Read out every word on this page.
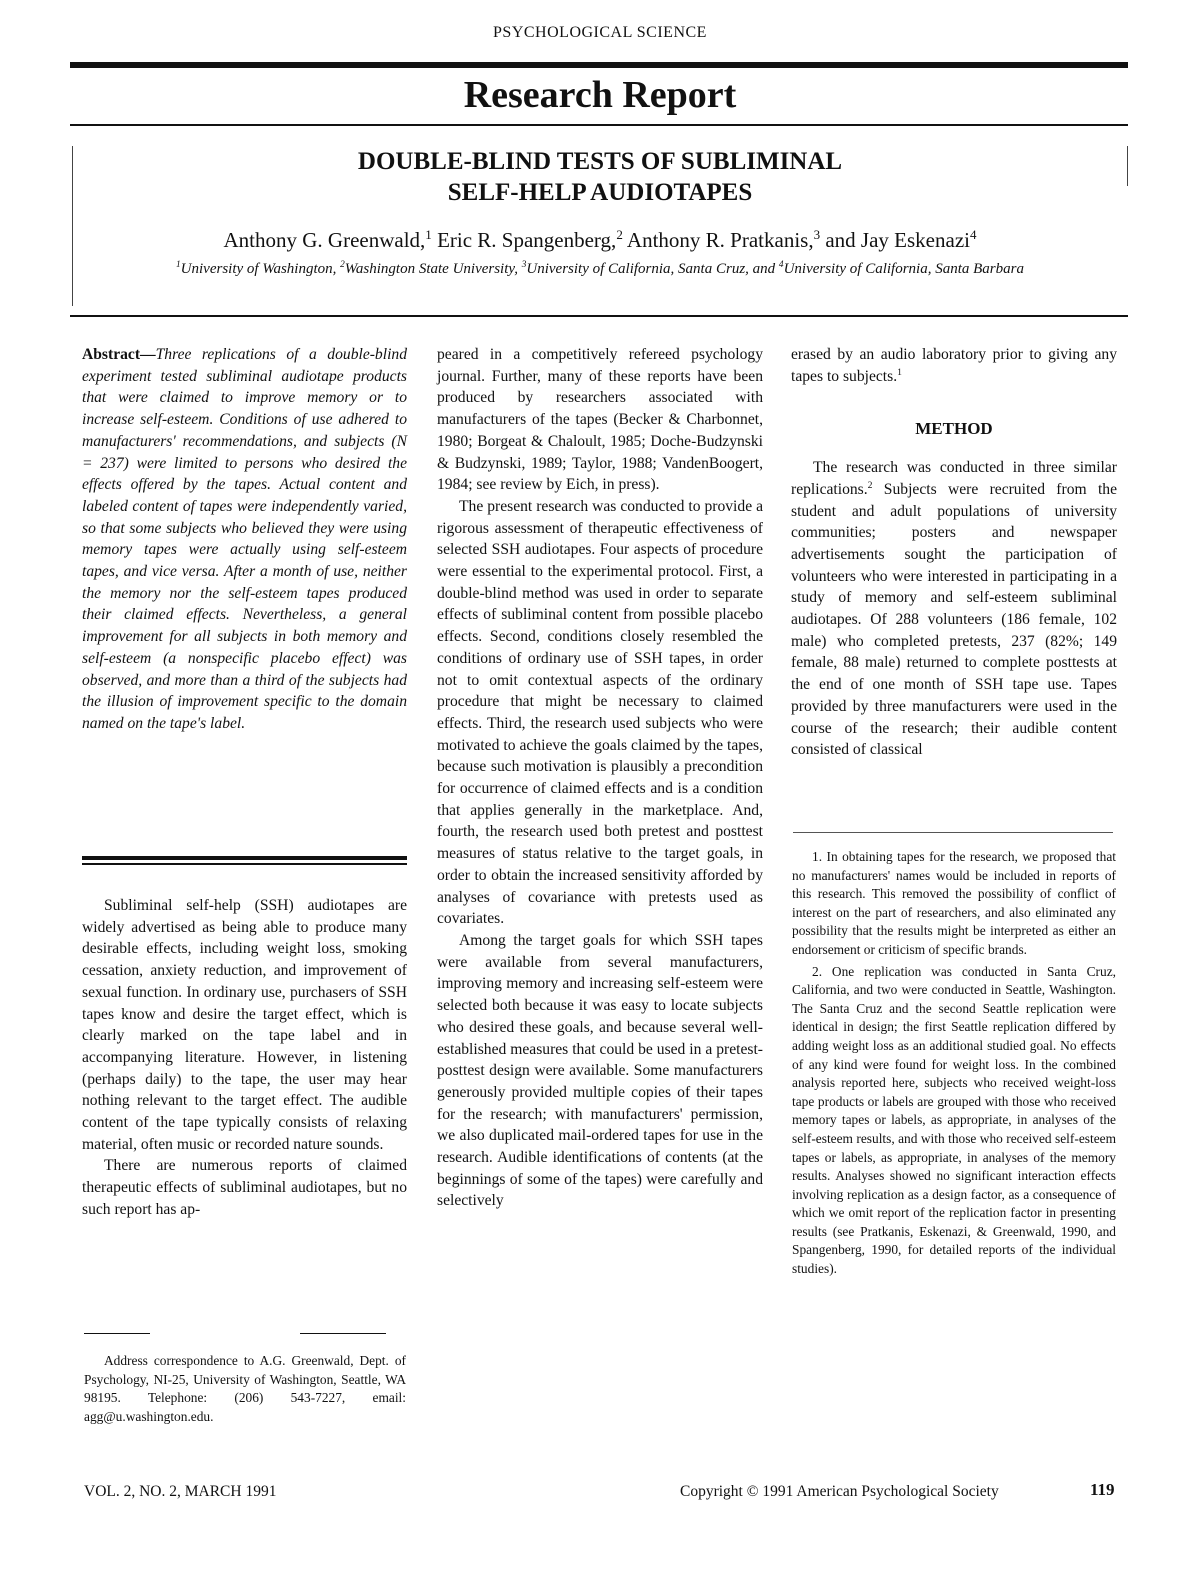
PSYCHOLOGICAL SCIENCE
Research Report
DOUBLE-BLIND TESTS OF SUBLIMINAL
SELF-HELP AUDIOTAPES
Anthony G. Greenwald,$^1$ Eric R. Spangenberg,$^2$ Anthony R. Pratkanis,$^3$ and Jay Eskenazi$^4$
$^1$University of Washington, $^2$Washington State University, $^3$University of California, Santa Cruz, and $^4$University of California, Santa Barbara

Abstract—Three replications of a double-blind experiment tested subliminal audiotape products that were claimed to improve memory or to increase self-esteem. Conditions of use adhered to manufacturers' recommendations, and subjects (N = 237) were limited to persons who desired the effects offered by the tapes. Actual content and labeled content of tapes were independently varied, so that some subjects who believed they were using memory tapes were actually using self-esteem tapes, and vice versa. After a month of use, neither the memory nor the self-esteem tapes produced their claimed effects. Nevertheless, a general improvement for all subjects in both memory and self-esteem (a nonspecific placebo effect) was observed, and more than a third of the subjects had the illusion of improvement specific to the domain named on the tape's label.

Subliminal self-help (SSH) audiotapes are widely advertised as being able to produce many desirable effects, including weight loss, smoking cessation, anxiety reduction, and improvement of sexual function. In ordinary use, purchasers of SSH tapes know and desire the target effect, which is clearly marked on the tape label and in accompanying literature. However, in listening (perhaps daily) to the tape, the user may hear nothing relevant to the target effect. The audible content of the tape typically consists of relaxing material, often music or recorded nature sounds.

There are numerous reports of claimed therapeutic effects of subliminal audiotapes, but no such report has ap-

Address correspondence to A.G. Greenwald, Dept. of Psychology, NI-25, University of Washington, Seattle, WA 98195. Telephone: (206) 543-7227, email: agg@u.washington.edu.

peared in a competitively refereed psychology journal. Further, many of these reports have been produced by researchers associated with manufacturers of the tapes (Becker & Charbonnet, 1980; Borgeat & Chaloult, 1985; Doche-Budzynski & Budzynski, 1989; Taylor, 1988; VandenBoogert, 1984; see review by Eich, in press).

The present research was conducted to provide a rigorous assessment of therapeutic effectiveness of selected SSH audiotapes. Four aspects of procedure were essential to the experimental protocol. First, a double-blind method was used in order to separate effects of subliminal content from possible placebo effects. Second, conditions closely resembled the conditions of ordinary use of SSH tapes, in order not to omit contextual aspects of the ordinary procedure that might be necessary to claimed effects. Third, the research used subjects who were motivated to achieve the goals claimed by the tapes, because such motivation is plausibly a precondition for occurrence of claimed effects and is a condition that applies generally in the marketplace. And, fourth, the research used both pretest and posttest measures of status relative to the target goals, in order to obtain the increased sensitivity afforded by analyses of covariance with pretests used as covariates.

Among the target goals for which SSH tapes were available from several manufacturers, improving memory and increasing self-esteem were selected both because it was easy to locate subjects who desired these goals, and because several well-established measures that could be used in a pretest-posttest design were available. Some manufacturers generously provided multiple copies of their tapes for the research; with manufacturers' permission, we also duplicated mail-ordered tapes for use in the research. Audible identifications of contents (at the beginnings of some of the tapes) were carefully and selectively

erased by an audio laboratory prior to giving any tapes to subjects.$^1$

METHOD

The research was conducted in three similar replications.$^2$ Subjects were recruited from the student and adult populations of university communities; posters and newspaper advertisements sought the participation of volunteers who were interested in participating in a study of memory and self-esteem subliminal audiotapes. Of 288 volunteers (186 female, 102 male) who completed pretests, 237 (82%; 149 female, 88 male) returned to complete posttests at the end of one month of SSH tape use. Tapes provided by three manufacturers were used in the course of the research; their audible content consisted of classical

1. In obtaining tapes for the research, we proposed that no manufacturers' names would be included in reports of this research. This removed the possibility of conflict of interest on the part of researchers, and also eliminated any possibility that the results might be interpreted as either an endorsement or criticism of specific brands.

2. One replication was conducted in Santa Cruz, California, and two were conducted in Seattle, Washington. The Santa Cruz and the second Seattle replication were identical in design; the first Seattle replication differed by adding weight loss as an additional studied goal. No effects of any kind were found for weight loss. In the combined analysis reported here, subjects who received weight-loss tape products or labels are grouped with those who received memory tapes or labels, as appropriate, in analyses of the self-esteem results, and with those who received self-esteem tapes or labels, as appropriate, in analyses of the memory results. Analyses showed no significant interaction effects involving replication as a design factor, as a consequence of which we omit report of the replication factor in presenting results (see Pratkanis, Eskenazi, & Greenwald, 1990, and Spangenberg, 1990, for detailed reports of the individual studies).

VOL. 2, NO. 2, MARCH 1991	Copyright © 1991 American Psychological Society	119
